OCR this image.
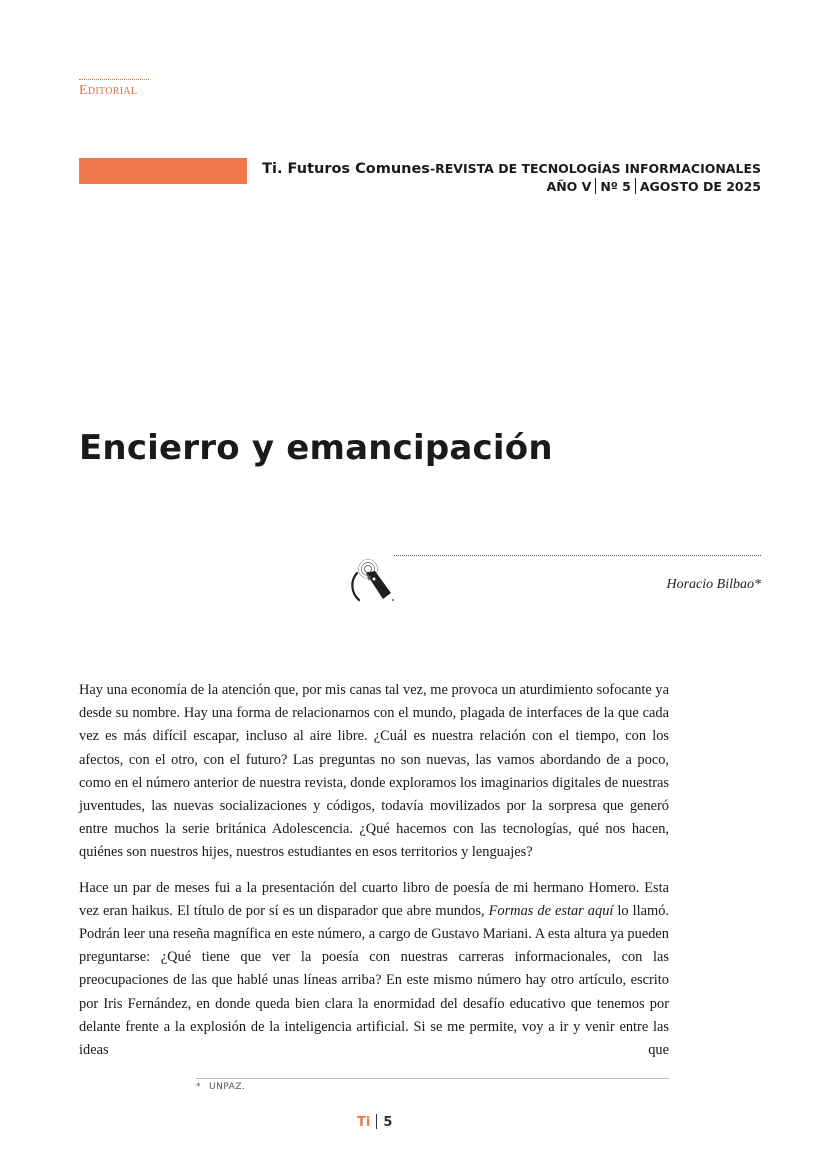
Editorial
Ti. Futuros Comunes-REVISTA DE TECNOLOGÍAS INFORMACIONALES
AÑO V Nº 5 AGOSTO DE 2025
Encierro y emancipación
Horacio Bilbao*

Hay una economía de la atención que, por mis canas tal vez, me provoca un aturdimiento sofocante ya desde su nombre. Hay una forma de relacionarnos con el mundo, plagada de interfaces de la que cada vez es más difícil escapar, incluso al aire libre. ¿Cuál es nuestra relación con el tiempo, con los afectos, con el otro, con el futuro? Las preguntas no son nuevas, las vamos abordando de a poco, como en el número anterior de nuestra revista, donde exploramos los imaginarios digitales de nuestras juventudes, las nuevas socializaciones y códigos, todavía movilizados por la sorpresa que generó entre muchos la serie británica Adolescencia. ¿Qué hacemos con las tecnologías, qué nos hacen, quiénes son nuestros hijes, nuestros estudiantes en esos territorios y lenguajes?

Hace un par de meses fui a la presentación del cuarto libro de poesía de mi hermano Homero. Esta vez eran haikus. El título de por sí es un disparador que abre mundos, Formas de estar aquí lo llamó. Podrán leer una reseña magnífica en este número, a cargo de Gustavo Mariani. A esta altura ya pueden preguntarse: ¿Qué tiene que ver la poesía con nuestras carreras informacionales, con las preocupaciones de las que hablé unas líneas arriba? En este mismo número hay otro artículo, escrito por Iris Fernández, en donde queda bien clara la enormidad del desafío educativo que tenemos por delante frente a la explosión de la inteligencia artificial. Si se me permite, voy a ir y venir entre las ideas que

* UNPAZ.
Ti 5
